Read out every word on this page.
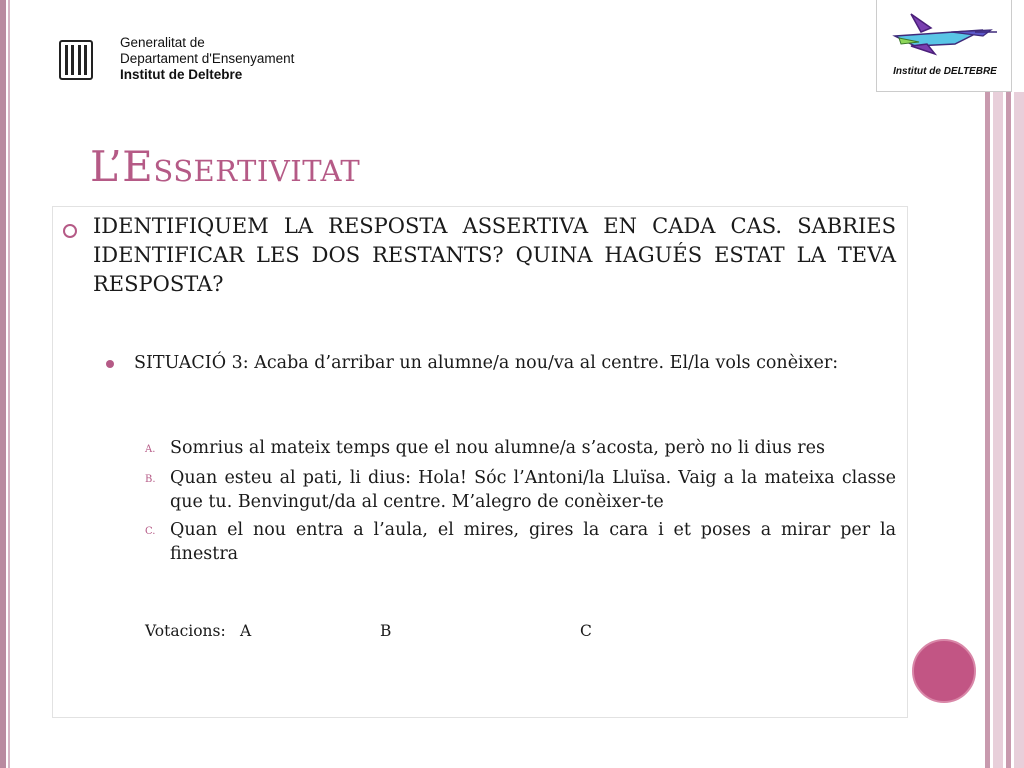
Generalitat de
Departament d'Ensenyament
Institut de Deltebre	Institut de DELTEBRE
L’Essertivitat
IDENTIFIQUEM LA RESPOSTA ASSERTIVA EN CADA CAS. SABRIES IDENTIFICAR LES DOS RESTANTS? QUINA HAGUÉS ESTAT LA TEVA RESPOSTA?
SITUACIÓ 3: Acaba d’arribar un alumne/a nou/va al centre. El/la vols conèixer:
A. Somrius al mateix temps que el nou alumne/a s’acosta, però no li dius res
B. Quan esteu al pati, li dius: Hola! Sóc l’Antoni/la Lluïsa. Vaig a la mateixa classe que tu. Benvingut/da al centre. M’alegro de conèixer-te
C. Quan el nou entra a l’aula, el mires, gires la cara i et poses a mirar per la finestra
Votacions: A	B	C
